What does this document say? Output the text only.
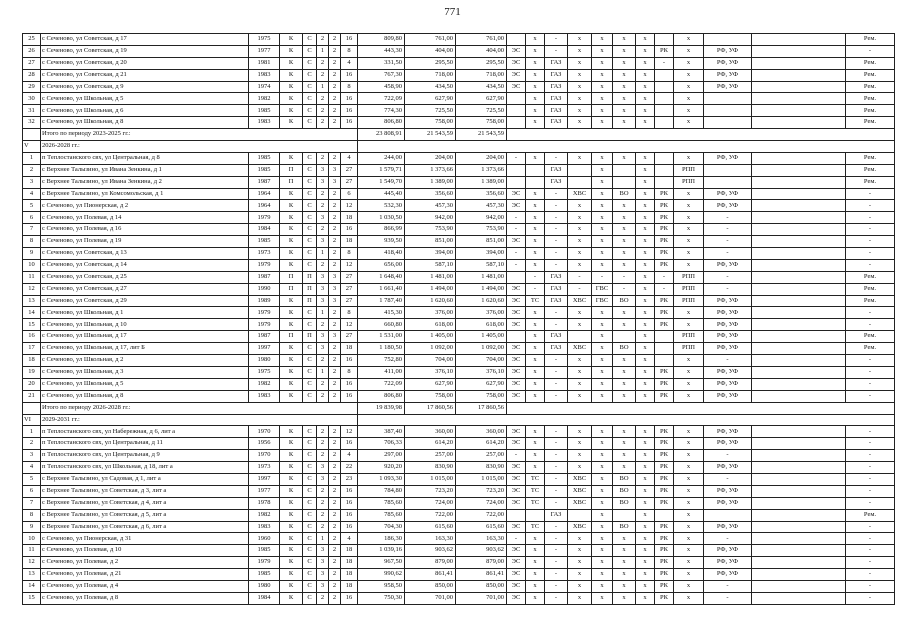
771
25	с Сеченово, ул Советская, д 17	1975	К	С	2	2	16	809,80	761,00	761,00		х	-	х	х	х	х		х			Рем.
26	с Сеченово, ул Советская, д 19	1977	К	С	1	2	8	443,30	404,00	404,00	ЭС	х	-	х	х	х	х	РК	х	РФ, УФ		-
27	с Сеченово, ул Советская, д 20	1981	К	С	2	2	4	331,50	295,50	295,50	ЭС	х	ГАЗ	х	х	х	х	-	х	РФ, УФ		Рем.
28	с Сеченово, ул Советская, д 21	1983	К	С	2	2	16	767,30	718,00	718,00	ЭС	х	ГАЗ	х	х	х	х		х	РФ, УФ		Рем.
29	с Сеченово, ул Советская, д 9	1974	К	С	1	2	8	458,90	434,50	434,50	ЭС	х	ГАЗ	х	х	х	х		х	РФ, УФ		Рем.
30	с Сеченово, ул Школьная, д 5	1982	К	С	2	2	16	722,09	627,90	627,90		х	ГАЗ	х	х	х	х		х			Рем.
31	с Сеченово, ул Школьная, д 6	1985	К	С	2	2	16	774,30	725,50	725,50		х	ГАЗ	х	х	х	х		х			Рем.
32	с Сеченово, ул Школьная, д 8	1983	К	С	2	2	16	806,80	758,00	758,00		х	ГАЗ	х	х	х	х		х			Рем.
	Итого по периоду 2023-2025 гг.:							23 808,91	21 543,59	21 543,59												
V	2026-2028 гг.:																					
1	п Теплостанского свх, ул Центральная, д 8	1985	К	С	2	2	4	244,00	204,00	204,00	-	х	-	х	х	х	х		х	РФ, УФ		Рем.
2	с Верхнее Талызино, ул Ивана Зенкина, д 1	1985	П	С	3	3	27	1 579,71	1 373,66	1 373,66			ГАЗ		х		х		РПП			Рем.
3	с Верхнее Талызино, ул Ивана Зенкина, д 2	1987	П	С	3	3	27	1 549,70	1 389,00	1 389,00			ГАЗ		х		х		РПП			Рем.
4	с Верхнее Талызино, ул Комсомольская, д 1	1964	К	С	2	2	6	445,40	356,60	356,60	ЭС	х	-	ХВС	х	ВО	х	РК	х	РФ, УФ		-
5	с Сеченово, ул Пионерская, д 2	1964	К	С	2	2	12	532,30	457,30	457,30	ЭС	х	-	х	х	х	х	РК	х	РФ, УФ		-
6	с Сеченово, ул Полевая, д 14	1979	К	С	3	2	18	1 030,50	942,00	942,00	-	х	-	х	х	х	х	РК	х	-		-
7	с Сеченово, ул Полевая, д 16	1984	К	С	2	2	16	866,99	753,90	753,90	-	х	-	х	х	х	х	РК	х	-		-
8	с Сеченово, ул Полевая, д 19	1985	К	С	3	2	18	939,50	851,00	851,00	ЭС	х	-	х	х	х	х	РК	х	-		-
9	с Сеченово, ул Советская, д 13	1973	К	С	1	2	8	418,40	394,00	394,00	-	х	-	х	х	х	х	РК	х	-		-
10	с Сеченово, ул Советская, д 14	1979	К	С	2	2	12	656,00	587,10	587,10	-	х	-	х	х	х	х	РК	х	РФ, УФ		-
11	с Сеченово, ул Советская, д 25	1987	П	П	3	3	27	1 648,40	1 481,00	1 481,00		-	ГАЗ	-	-	-	х	-	РПП	-		Рем.
12	с Сеченово, ул Советская, д 27	1990	П	П	3	3	27	1 661,40	1 494,00	1 494,00	ЭС	-	ГАЗ	-	ГВС	-	х	-	РПП	-		Рем.
13	с Сеченово, ул Советская, д 29	1989	К	П	3	3	27	1 787,40	1 620,60	1 620,60	ЭС	ТС	ГАЗ	ХВС	ГВС	ВО	х	РК	РПП	РФ, УФ		Рем.
14	с Сеченово, ул Школьная, д 1	1979	К	С	1	2	8	415,30	376,00	376,00	ЭС	х	-	х	х	х	х	РК	х	РФ, УФ		-
15	с Сеченово, ул Школьная, д 10	1979	К	С	2	2	12	660,80	618,00	618,00	ЭС	х	-	х	х	х	х	РК	х	РФ, УФ		-
16	с Сеченово, ул Школьная, д 17	1987	П	П	3	3	27	1 531,00	1 405,00	1 405,00		х	ГАЗ		х		х		РПП	РФ, УФ		Рем.
17	с Сеченово, ул Школьная, д 17, лит Б	1997	К	С	3	2	18	1 180,50	1 092,00	1 092,00	ЭС	х	ГАЗ	ХВС	х	ВО	х		РПП	РФ, УФ		Рем.
18	с Сеченово, ул Школьная, д 2	1980	К	С	2	2	16	752,80	704,00	704,00	ЭС	х	-	х	х	х	х		х	-		-
19	с Сеченово, ул Школьная, д 3	1975	К	С	1	2	8	411,00	376,10	376,10	ЭС	х	-	х	х	х	х	РК	х	РФ, УФ		-
20	с Сеченово, ул Школьная, д 5	1982	К	С	2	2	16	722,09	627,90	627,90	ЭС	х	-	х	х	х	х	РК	х	РФ, УФ		-
21	с Сеченово, ул Школьная, д 8	1983	К	С	2	2	16	806,80	758,00	758,00	ЭС	х	-	х	х	х	х	РК	х	РФ, УФ		-
	Итого по периоду 2026-2028 гг.:							19 839,98	17 860,56	17 860,56												
VI	2029-2031 гг.:																					
1	п Теплостанского свх, ул Набережная, д 6, лит а	1970	К	С	2	2	12	387,40	360,00	360,00	ЭС	х	-	х	х	х	х	РК	х	РФ, УФ		-
2	п Теплостанского свх, ул Центральная, д 11	1956	К	С	2	2	16	706,33	614,20	614,20	ЭС	х	-	х	х	х	х	РК	х	РФ, УФ		-
3	п Теплостанского свх, ул Центральная, д 9	1970	К	С	2	2	4	297,00	257,00	257,00	-	х	-	х	х	х	х	РК	х	-		-
4	п Теплостанского свх, ул Школьная, д 18, лит а	1973	К	С	3	2	22	920,20	830,90	830,90	ЭС	х	-	х	х	х	х	РК	х	РФ, УФ		-
5	с Верхнее Талызино, ул Садовая, д 1, лит а	1997	К	С	3	2	23	1 093,30	1 015,00	1 015,00	ЭС	ТС	-	ХВС	х	ВО	х	РК	х	-		-
6	с Верхнее Талызино, ул Советская, д 3, лит а	1977	К	С	2	2	16	784,80	723,20	723,20	ЭС	ТС	-	ХВС	х	ВО	х	РК	х	РФ, УФ		-
7	с Верхнее Талызино, ул Советская, д 4, лит а	1978	К	С	2	2	16	785,60	724,00	724,00	ЭС	ТС	-	ХВС	х	ВО	х	РК	х	РФ, УФ		-
8	с Верхнее Талызино, ул Советская, д 5, лит а	1982	К	С	2	2	16	785,60	722,00	722,00			ГАЗ		х		х		х			Рем.
9	с Верхнее Талызино, ул Советская, д 6, лит а	1983	К	С	2	2	16	704,30	615,60	615,60	ЭС	ТС	-	ХВС	х	ВО	х	РК	х	РФ, УФ		-
10	с Сеченово, ул Пионерская, д 31	1960	К	С	1	2	4	186,30	163,30	163,30	-	х	-	х	х	х	х	РК	х	-		-
11	с Сеченово, ул Полевая, д 10	1985	К	С	3	2	18	1 039,16	903,62	903,62	ЭС	х	-	х	х	х	х	РК	х	РФ, УФ		-
12	с Сеченово, ул Полевая, д 2	1979	К	С	3	2	18	967,50	879,00	879,00	ЭС	х	-	х	х	х	х	РК	х	РФ, УФ		-
13	с Сеченово, ул Полевая, д 21	1985	К	С	3	2	18	990,62	861,41	861,41	ЭС	х	-	х	х	х	х	РК	х	РФ, УФ		-
14	с Сеченово, ул Полевая, д 4	1980	К	С	3	2	18	958,50	850,00	850,00	ЭС	х	-	х	х	х	х	РК	х	-		-
15	с Сеченово, ул Полевая, д 8	1984	К	С	2	2	16	750,30	701,00	701,00	ЭС	х	-	х	х	х	х	РК	х	-		-
